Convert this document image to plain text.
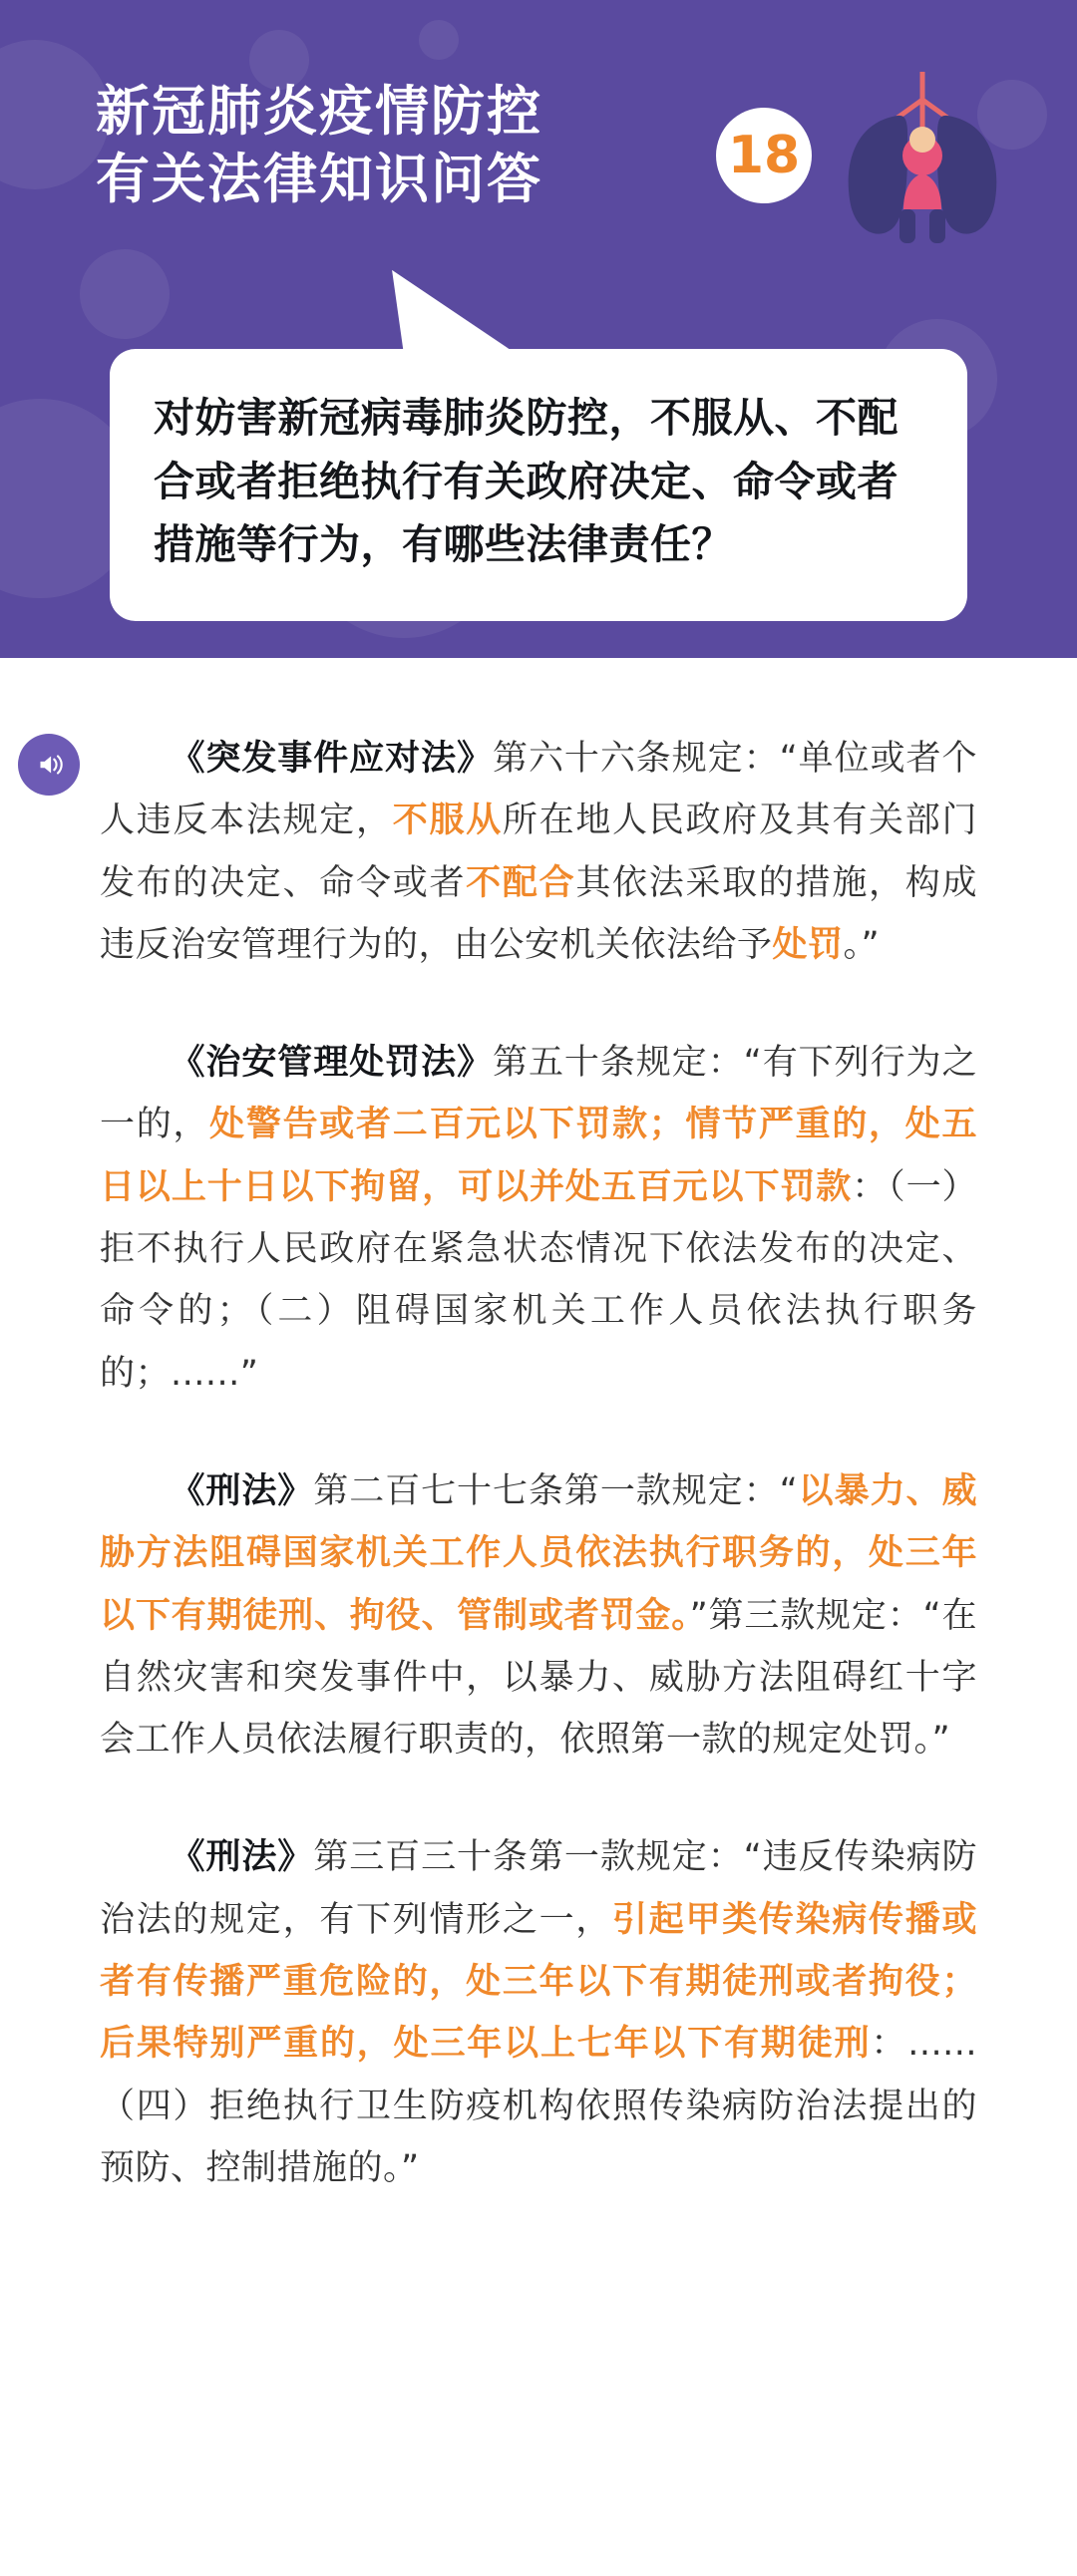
新冠肺炎疫情防控
有关法律知识问答	18
对妨害新冠病毒肺炎防控，不服从、不配合或者拒绝执行有关政府决定、命令或者措施等行为，有哪些法律责任？
《突发事件应对法》第六十六条规定：“单位或者个人违反本法规定，不服从所在地人民政府及其有关部门发布的决定、命令或者不配合其依法采取的措施，构成违反治安管理行为的，由公安机关依法给予处罚。”
《治安管理处罚法》第五十条规定：“有下列行为之一的，处警告或者二百元以下罚款；情节严重的，处五日以上十日以下拘留，可以并处五百元以下罚款：（一）拒不执行人民政府在紧急状态情况下依法发布的决定、命令的；（二）阻碍国家机关工作人员依法执行职务的；......”
《刑法》第二百七十七条第一款规定：“以暴力、威胁方法阻碍国家机关工作人员依法执行职务的，处三年以下有期徒刑、拘役、管制或者罚金。”第三款规定：“在自然灾害和突发事件中，以暴力、威胁方法阻碍红十字会工作人员依法履行职责的，依照第一款的规定处罚。”
《刑法》第三百三十条第一款规定：“违反传染病防治法的规定，有下列情形之一，引起甲类传染病传播或者有传播严重危险的，处三年以下有期徒刑或者拘役；后果特别严重的，处三年以上七年以下有期徒刑：......（四）拒绝执行卫生防疫机构依照传染病防治法提出的预防、控制措施的。”
